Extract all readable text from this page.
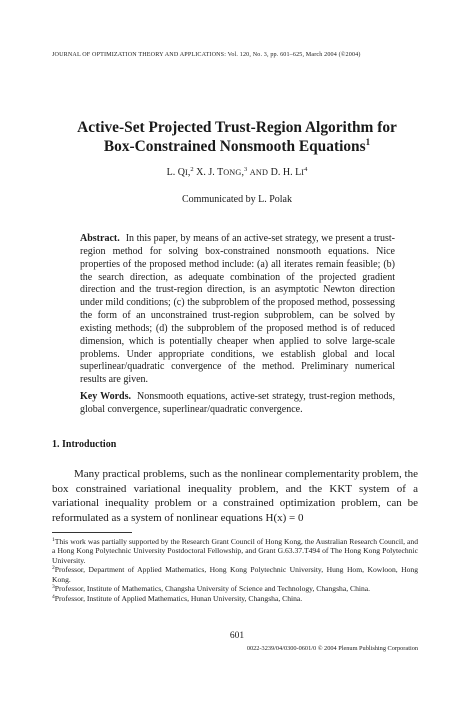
JOURNAL OF OPTIMIZATION THEORY AND APPLICATIONS: Vol. 120, No. 3, pp. 601–625, March 2004 (©2004)
Active-Set Projected Trust-Region Algorithm for
Box-Constrained Nonsmooth Equations$^1$
L. QI,$^2$ X. J. TONG,$^3$ AND D. H. $LI^4$
Communicated by L. Polak
Abstract. In this paper, by means of an active-set strategy, we present a trust-region method for solving box-constrained nonsmooth equations. Nice properties of the proposed method include: (a) all iterates remain feasible; (b) the search direction, as adequate combination of the projected gradient direction and the trust-region direction, is an asymptotic Newton direction under mild conditions; (c) the subproblem of the proposed method, possessing the form of an unconstrained trust-region subproblem, can be solved by existing methods; (d) the subproblem of the proposed method is of reduced dimension, which is potentially cheaper when applied to solve large-scale problems. Under appropriate conditions, we establish global and local superlinear/quadratic convergence of the method. Preliminary numerical results are given.
Key Words. Nonsmooth equations, active-set strategy, trust-region methods, global convergence, superlinear/quadratic convergence.
1. Introduction
Many practical problems, such as the nonlinear complementarity problem, the box constrained variational inequality problem, and the KKT system of a variational inequality problem or a constrained optimization problem, can be reformulated as a system of nonlinear equations H(x) = 0
$^1$This work was partially supported by the Research Grant Council of Hong Kong, the Australian Research Council, and a Hong Kong Polytechnic University Postdoctoral Fellowship, and Grant G.63.37.T494 of The Hong Kong Polytechnic University.
$^2$Professor, Department of Applied Mathematics, Hong Kong Polytechnic University, Hung Hom, Kowloon, Hong Kong.
$^3$Professor, Institute of Mathematics, Changsha University of Science and Technology, Changsha, China.
$^4$Professor, Institute of Applied Mathematics, Hunan University, Changsha, China.
601
0022-3239/04/0300-0601/0 © 2004 Plenum Publishing Corporation
